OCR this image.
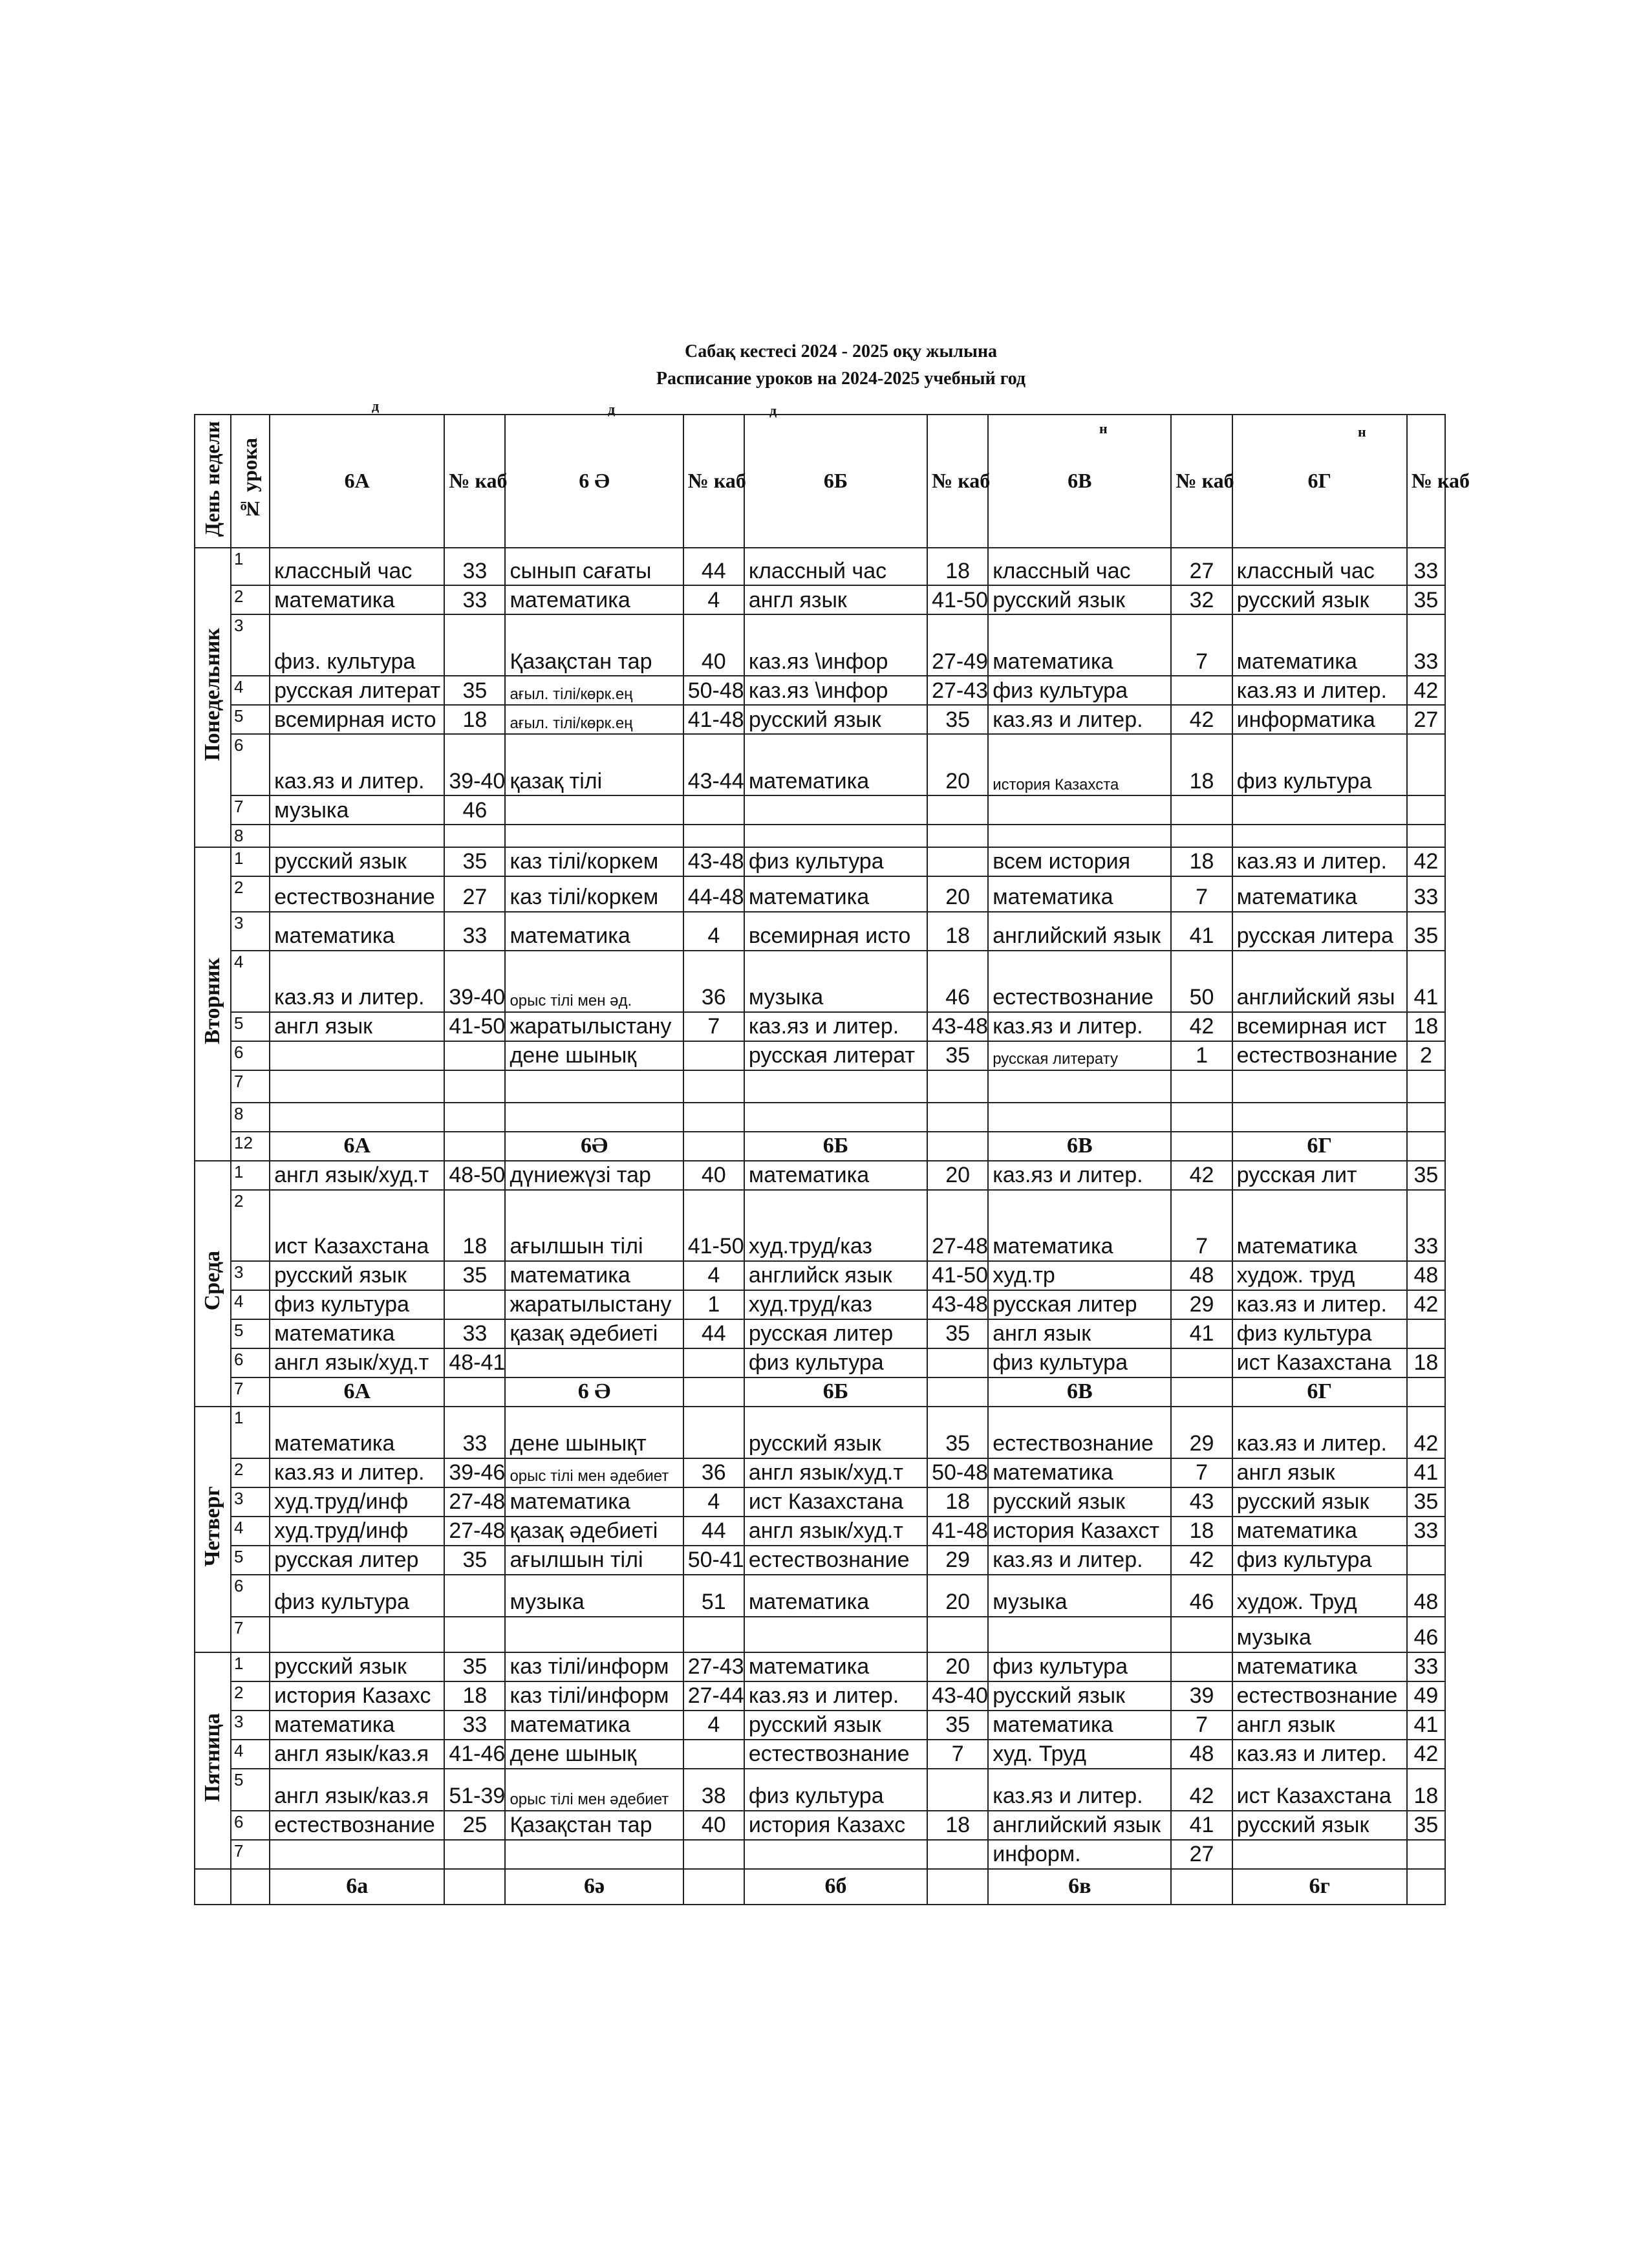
Сабақ кестесі 2024 - 2025 оқу жылына
Расписание уроков на 2024-2025 учебный год
д	д	д
н	н
День недели	№ урока	6А	№ каб	6 Ә	№ каб	6Б	№ каб	6В	№ каб	6Г	№ каб
Понедельник	1	классный час	33	сынып сағаты	44	классный час	18	классный час	27	классный час	33
	2	математика	33	математика	4	англ язык	41-50	русский язык	32	русский язык	35
	3	физ. культура		Қазақстан тар	40	каз.яз \инфор	27-49	математика	7	математика	33
	4	русская литерат	35	ағыл. тілі/көрк.ең	50-48	каз.яз \инфор	27-43	физ культура		каз.яз и литер.	42
	5	всемирная исто	18	ағыл. тілі/көрк.ең	41-48	русский язык	35	каз.яз и литер.	42	информатика	27
	6	каз.яз и литер.	39-40	қазақ тілі	43-44	математика	20	история Казахста	18	физ культура	
	7	музыка	46								
	8										
Вторник	1	русский язык	35	каз тілі/коркем	43-48	физ культура		всем история	18	каз.яз и литер.	42
	2	естествознание	27	каз тілі/коркем	44-48	математика	20	математика	7	математика	33
	3	математика	33	математика	4	всемирная исто	18	английский язык	41	русская литера	35
	4	каз.яз и литер.	39-40	орыс тілі мен әд.	36	музыка	46	естествознание	50	английский язы	41
	5	англ язык	41-50	жаратылыстану	7	каз.яз и литер.	43-48	каз.яз и литер.	42	всемирная ист	18
	6			дене шынық		русская литерат	35	русская литерату	1	естествознание	2
	7										
	8										
	12	6А		6Ә		6Б		6В		6Г	
Среда	1	англ язык/худ.т	48-50	дүниежүзі тар	40	математика	20	каз.яз и литер.	42	русская лит	35
	2	ист Казахстана	18	ағылшын тілі	41-50	худ.труд/каз	27-48	математика	7	математика	33
	3	русский язык	35	математика	4	английск язык	41-50	худ.тр	48	худож. труд	48
	4	физ культура		жаратылыстану	1	худ.труд/каз	43-48	русская литер	29	каз.яз и литер.	42
	5	математика	33	қазақ әдебиеті	44	русская литер	35	англ язык	41	физ культура	
	6	англ язык/худ.т	48-41			физ культура		физ культура		ист Казахстана	18
	7	6А		6 Ә		6Б		6В		6Г	
Четверг	1	математика	33	дене шынықт		русский язык	35	естествознание	29	каз.яз и литер.	42
	2	каз.яз и литер.	39-46	орыс тілі мен әдебиет	36	англ язык/худ.т	50-48	математика	7	англ язык	41
	3	худ.труд/инф	27-48	математика	4	ист Казахстана	18	русский язык	43	русский язык	35
	4	худ.труд/инф	27-48	қазақ әдебиеті	44	англ язык/худ.т	41-48	история Казахст	18	математика	33
	5	русская литер	35	ағылшын тілі	50-41	естествознание	29	каз.яз и литер.	42	физ культура	
	6	физ культура		музыка	51	математика	20	музыка	46	худож. Труд	48
	7									музыка	46
Пятница	1	русский язык	35	каз тілі/информ	27-43	математика	20	физ культура		математика	33
	2	история Казахс	18	каз тілі/информ	27-44	каз.яз и литер.	43-40	русский язык	39	естествознание	49
	3	математика	33	математика	4	русский язык	35	математика	7	англ язык	41
	4	англ язык/каз.я	41-46	дене шынық		естествознание	7	худ. Труд	48	каз.яз и литер.	42
	5	англ язык/каз.я	51-39	орыс тілі мен әдебиет	38	физ культура		каз.яз и литер.	42	ист Казахстана	18
	6	естествознание	25	Қазақстан тар	40	история Казахс	18	английский язык	41	русский язык	35
	7							информ.	27		
		6а		6ә		6б		6в		6г	
